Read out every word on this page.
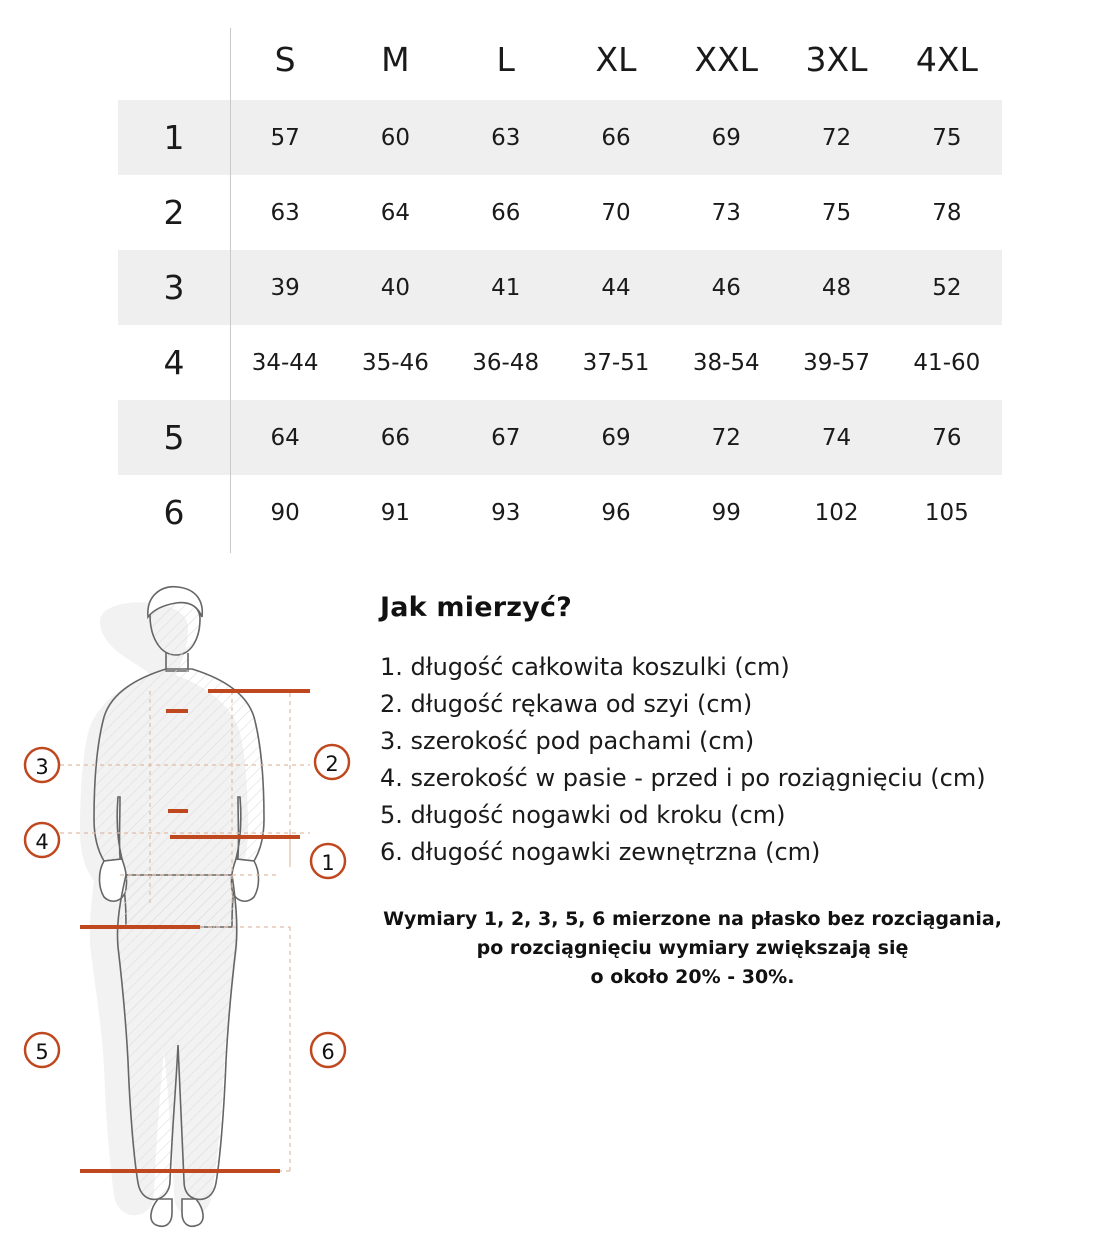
	S	M	L	XL	XXL	3XL	4XL
1	57	60	63	66	69	72	75
2	63	64	66	70	73	75	78
3	39	40	41	44	46	48	52
4	34-44	35-46	36-48	37-51	38-54	39-57	41-60
5	64	66	67	69	72	74	76
6	90	91	93	96	99	102	105
Jak mierzyć?
1. długość całkowita koszulki (cm)
2. długość rękawa od szyi (cm)
3. szerokość pod pachami (cm)
4. szerokość w pasie - przed i po roziągnięciu (cm)
5. długość nogawki od kroku (cm)
6. długość nogawki zewnętrzna (cm)
Wymiary 1, 2, 3, 5, 6 mierzone na płasko bez rozciągania,
po rozciągnięciu wymiary zwiększają się
o około 20% - 30%.
3
4
5
2
1
6
